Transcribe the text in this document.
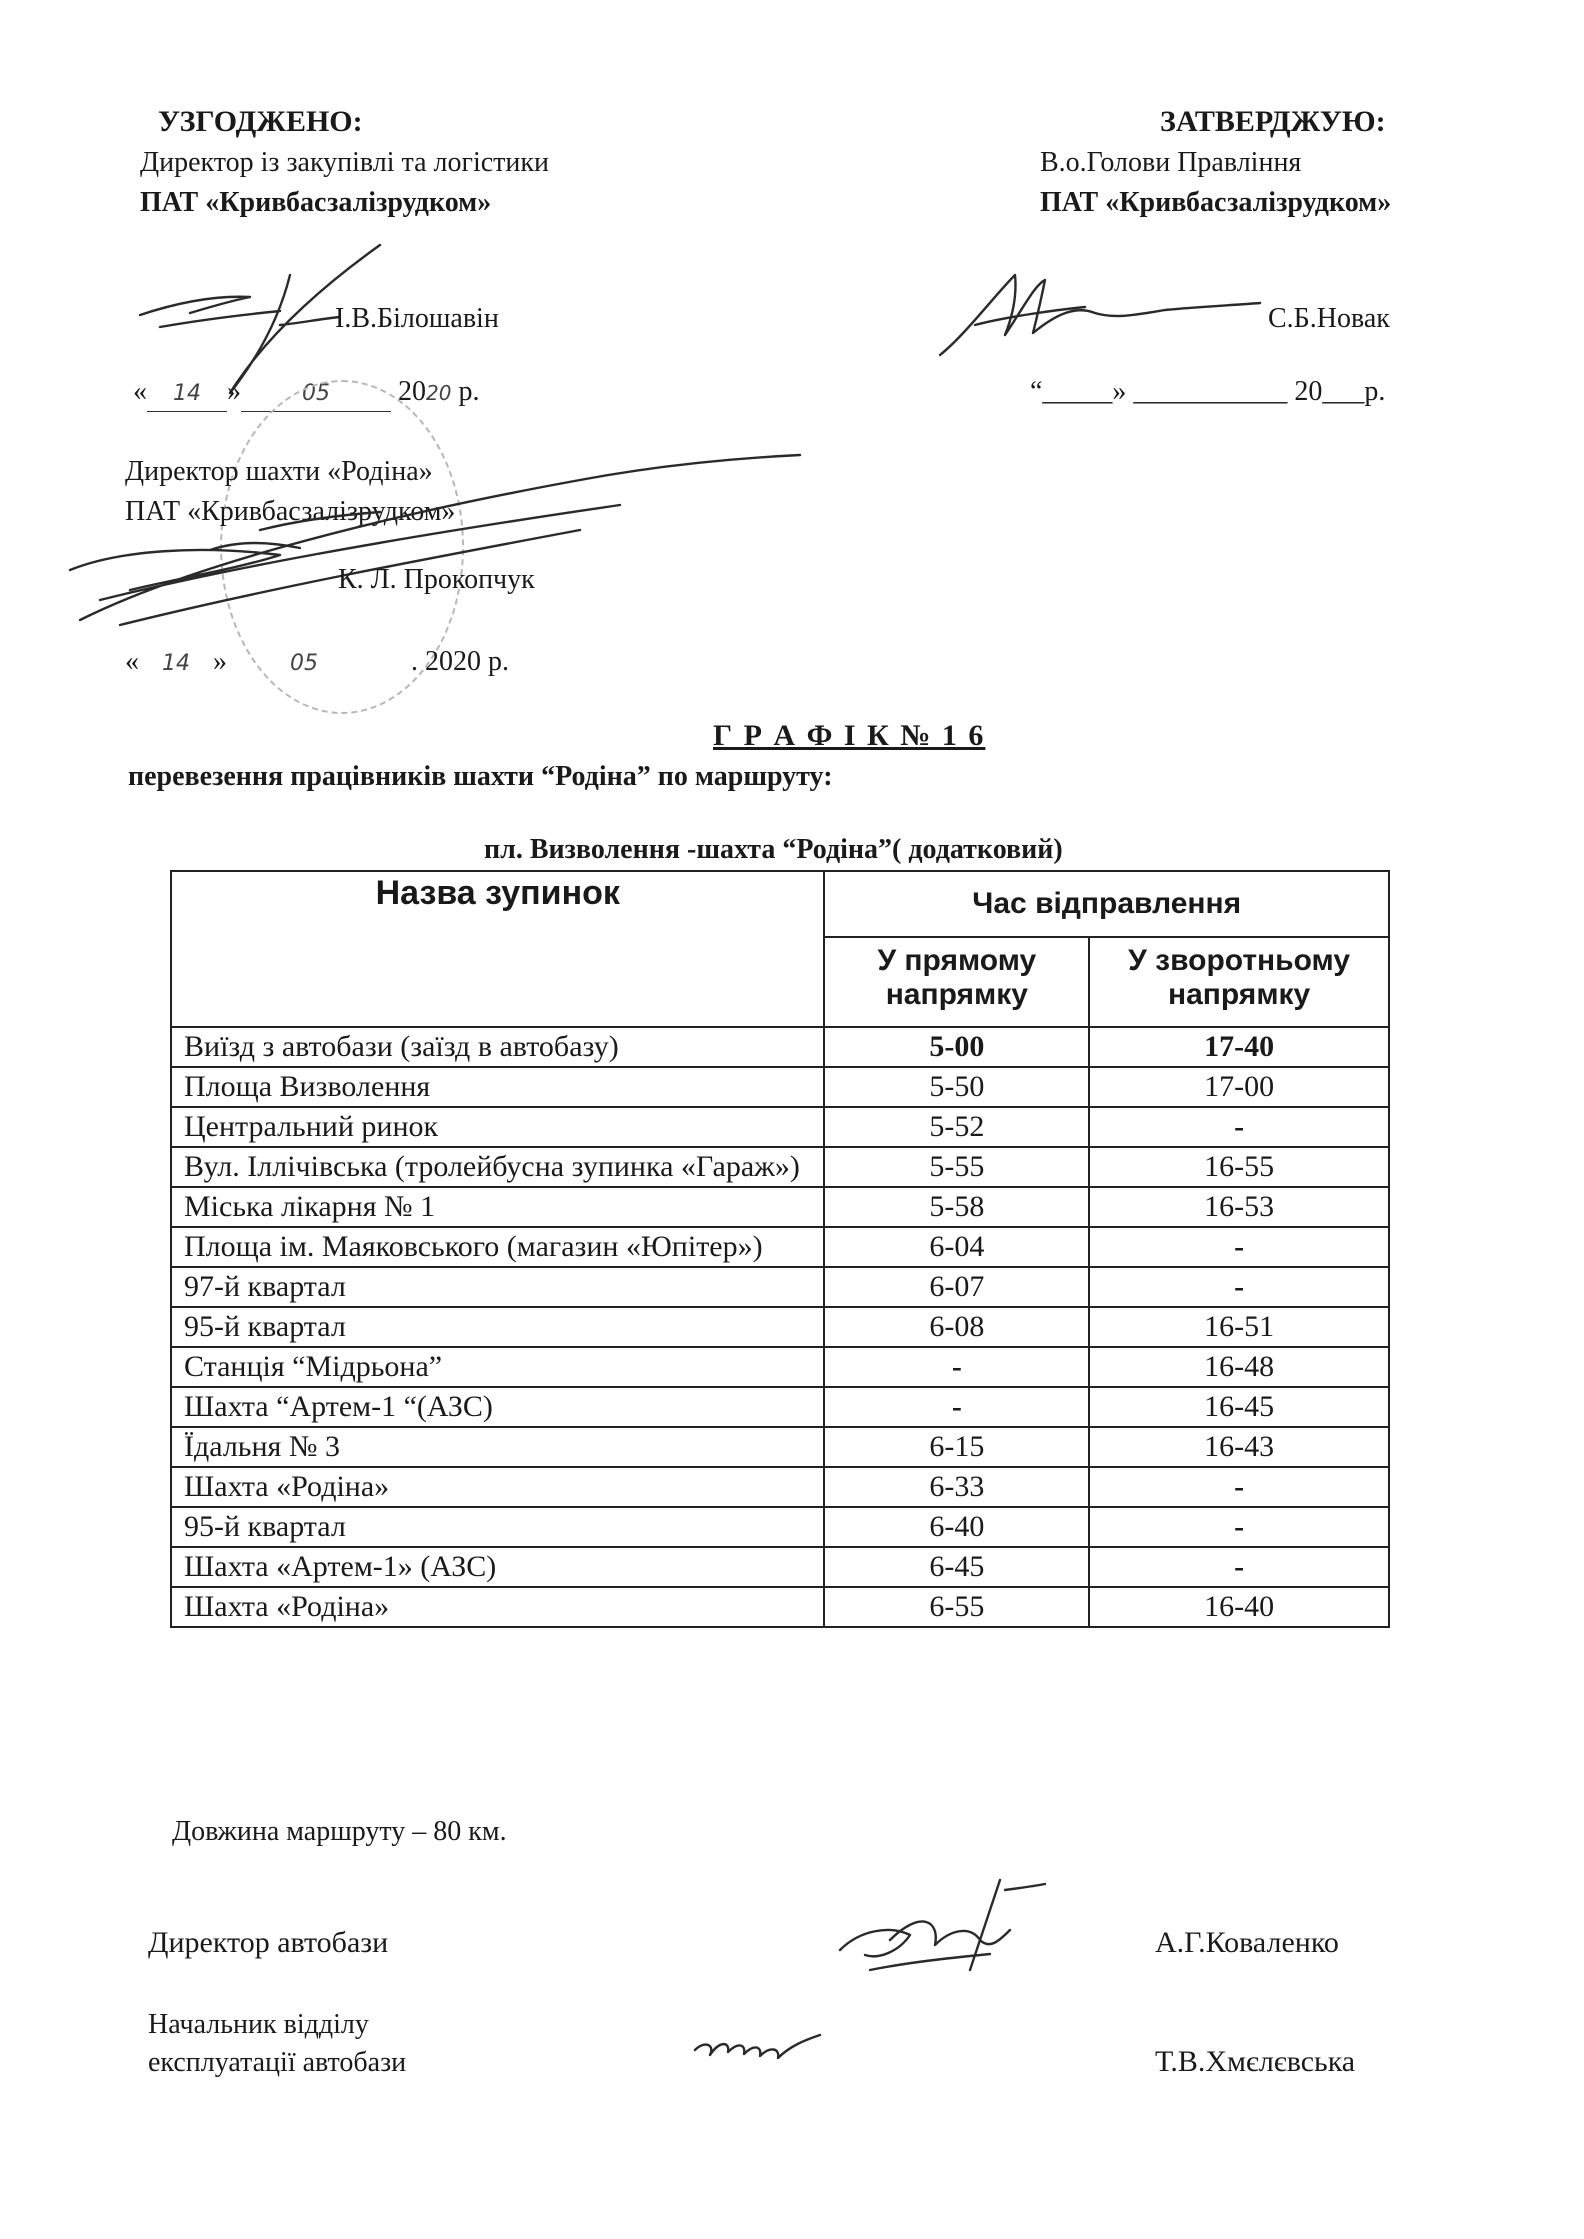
УЗГОДЖЕНО:
Директор із закупівлі та логістики
ПАТ «Кривбасзалізрудком»
І.В.Білошавін
« 14 »	05 2020 р.
ЗАТВЕРДЖУЮ:
В.о.Голови Правління
ПАТ «Кривбасзалізрудком»
С.Б.Новак
“_____» ___________ 20___р.
Директор шахти «Родіна»
ПАТ «Кривбасзалізрудком»
К. Л. Прокопчук
« 14 »	05	. 2020 р.
Г Р А Ф І К № 1 6
перевезення працівників шахти “Родіна” по маршруту:
пл. Визволення -шахта “Родіна”( додатковий)
Назва зупинок	Час відправлення	
	У прямому напрямку	У зворотньому напрямку
Виїзд з автобази (заїзд в автобазу)	5-00	17-40
Площа Визволення	5-50	17-00
Центральний ринок	5-52	-
Вул. Іллічівська (тролейбусна зупинка «Гараж»)	5-55	16-55
Міська лікарня № 1	5-58	16-53
Площа ім. Маяковського (магазин «Юпітер»)	6-04	-
97-й квартал	6-07	-
95-й квартал	6-08	16-51
Станція “Мідрьона”	-	16-48
Шахта “Артем-1 “(АЗС)	-	16-45
Їдальня № 3	6-15	16-43
Шахта «Родіна»	6-33	-
95-й квартал	6-40	-
Шахта «Артем-1» (АЗС)	6-45	-
Шахта «Родіна»	6-55	16-40
Довжина маршруту – 80 км.
Директор автобази	А.Г.Коваленко
Начальник відділу
експлуатації автобази	Т.В.Хмєлєвська
